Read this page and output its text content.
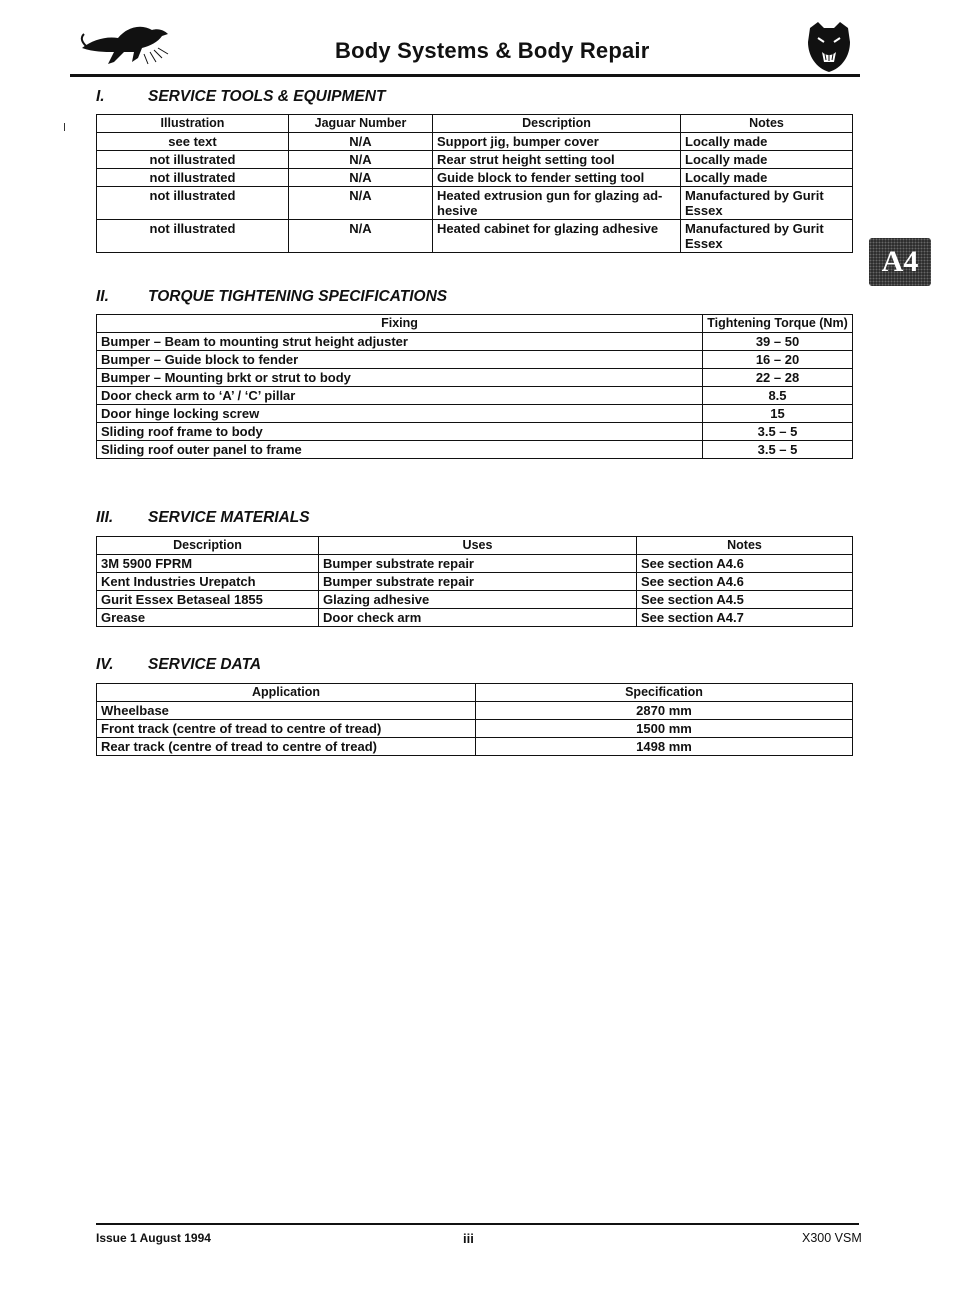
Body Systems & Body Repair
A4
I.	SERVICE TOOLS & EQUIPMENT
Illustration	Jaguar Number	Description	Notes
see text	N/A	Support jig, bumper cover	Locally made
not illustrated	N/A	Rear strut height setting tool	Locally made
not illustrated	N/A	Guide block to fender setting tool	Locally made
not illustrated	N/A	Heated extrusion gun for glazing ad- hesive	Manufactured by Gurit Essex
not illustrated	N/A	Heated cabinet for glazing adhesive	Manufactured by Gurit Essex
II.	TORQUE TIGHTENING SPECIFICATIONS
Fixing	Tightening Torque (Nm)
Bumper – Beam to mounting strut height adjuster	39 – 50
Bumper – Guide block to fender	16 – 20
Bumper – Mounting brkt or strut to body	22 – 28
Door check arm to ‘A’ / ‘C’ pillar	8.5
Door hinge locking screw	15
Sliding roof frame to body	3.5 – 5
Sliding roof outer panel to frame	3.5 – 5
III. SERVICE MATERIALS
Description	Uses	Notes
3M 5900 FPRM	Bumper substrate repair	See section A4.6
Kent Industries Urepatch	Bumper substrate repair	See section A4.6
Gurit Essex Betaseal 1855	Glazing adhesive	See section A4.5
Grease	Door check arm	See section A4.7
IV. SERVICE DATA
Application	Specification
Wheelbase	2870 mm
Front track (centre of tread to centre of tread)	1500 mm
Rear track (centre of tread to centre of tread)	1498 mm
Issue 1 August 1994	iii	X300 VSM
